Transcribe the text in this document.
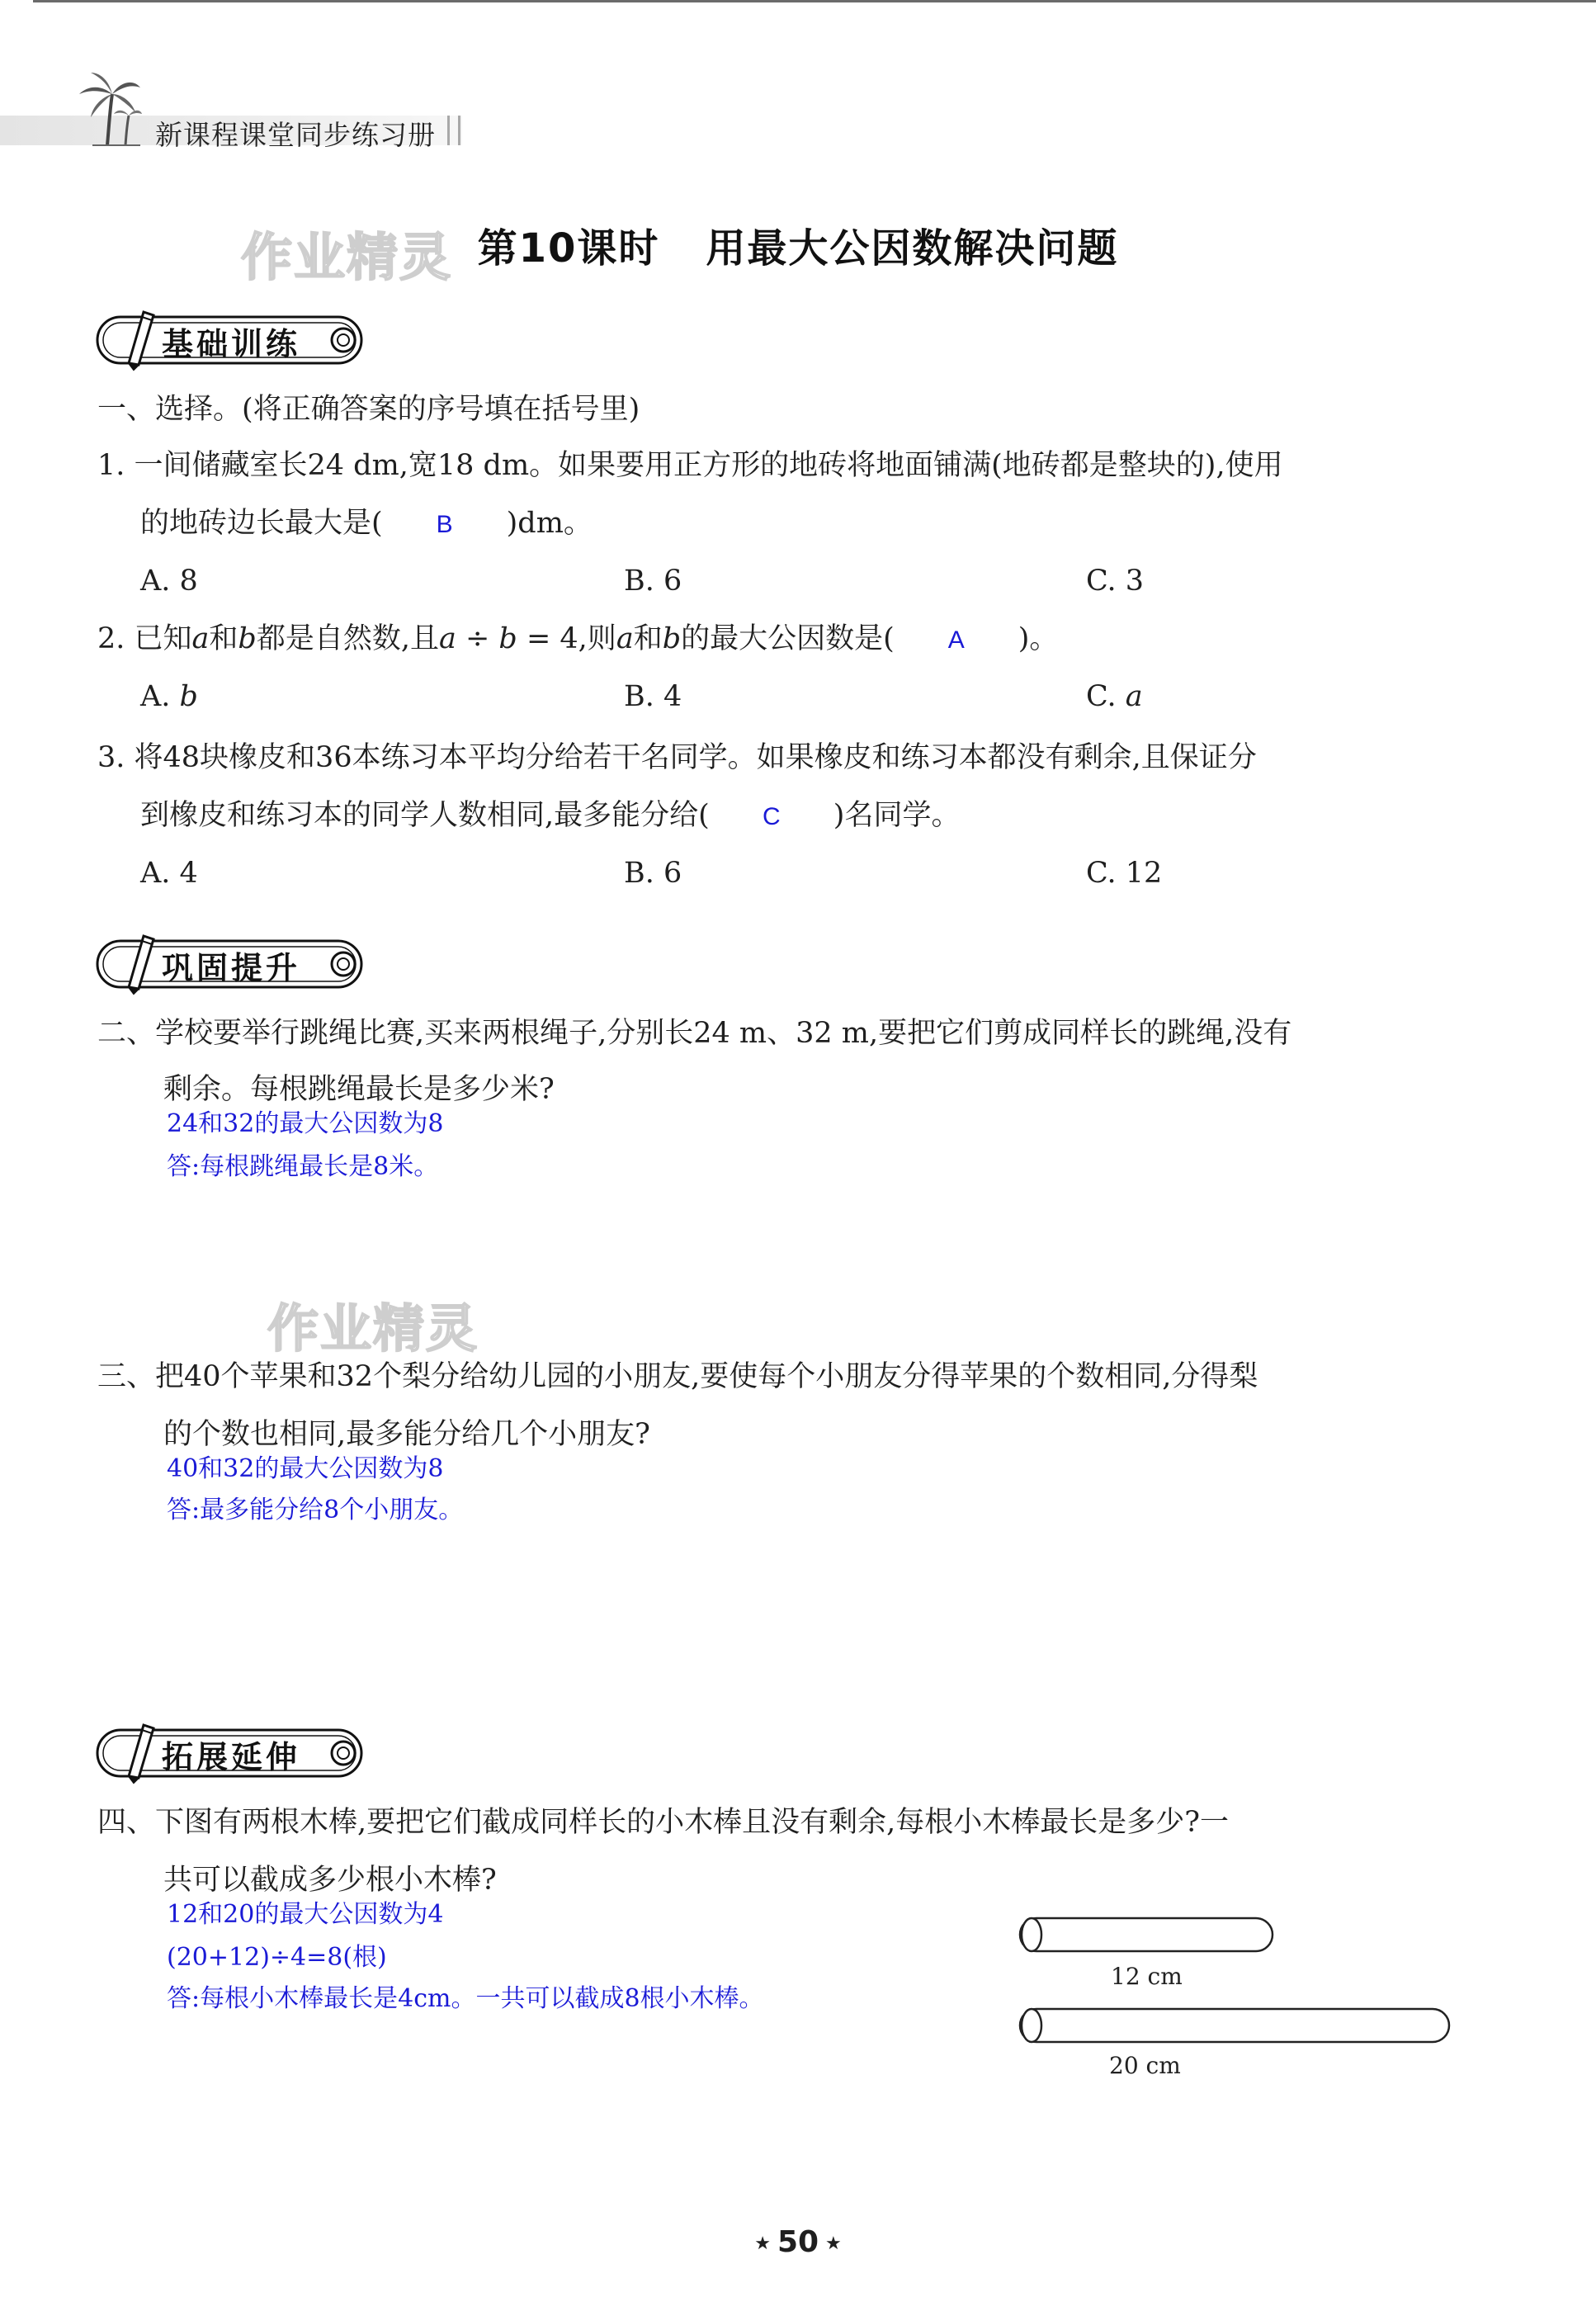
新课程课堂同步练习册
第10课时 用最大公因数解决问题
作业精灵
基础训练
一、选择。(将正确答案的序号填在括号里)
1. 一间储藏室长24 dm,宽18 dm。如果要用正方形的地砖将地面铺满(地砖都是整块的),使用
的地砖边长最大是( B )dm。
A. 8	B. 6	C. 3
2. 已知a和b都是自然数,且a ÷ b = 4,则a和b的最大公因数是( A )。
A. b	B. 4	C. a
3. 将48块橡皮和36本练习本平均分给若干名同学。如果橡皮和练习本都没有剩余,且保证分
到橡皮和练习本的同学人数相同,最多能分给( C )名同学。
A. 4	B. 6	C. 12
巩固提升
二、学校要举行跳绳比赛,买来两根绳子,分别长24 m、32 m,要把它们剪成同样长的跳绳,没有
剩余。每根跳绳最长是多少米?
24和32的最大公因数为8
答:每根跳绳最长是8米。
作业精灵
三、把40个苹果和32个梨分给幼儿园的小朋友,要使每个小朋友分得苹果的个数相同,分得梨
的个数也相同,最多能分给几个小朋友?
40和32的最大公因数为8
答:最多能分给8个小朋友。
拓展延伸
四、下图有两根木棒,要把它们截成同样长的小木棒且没有剩余,每根小木棒最长是多少?一
共可以截成多少根小木棒?
12和20的最大公因数为4
(20+12)÷4=8(根)
答:每根小木棒最长是4cm。一共可以截成8根小木棒。
12 cm
20 cm
★ 50 ★
